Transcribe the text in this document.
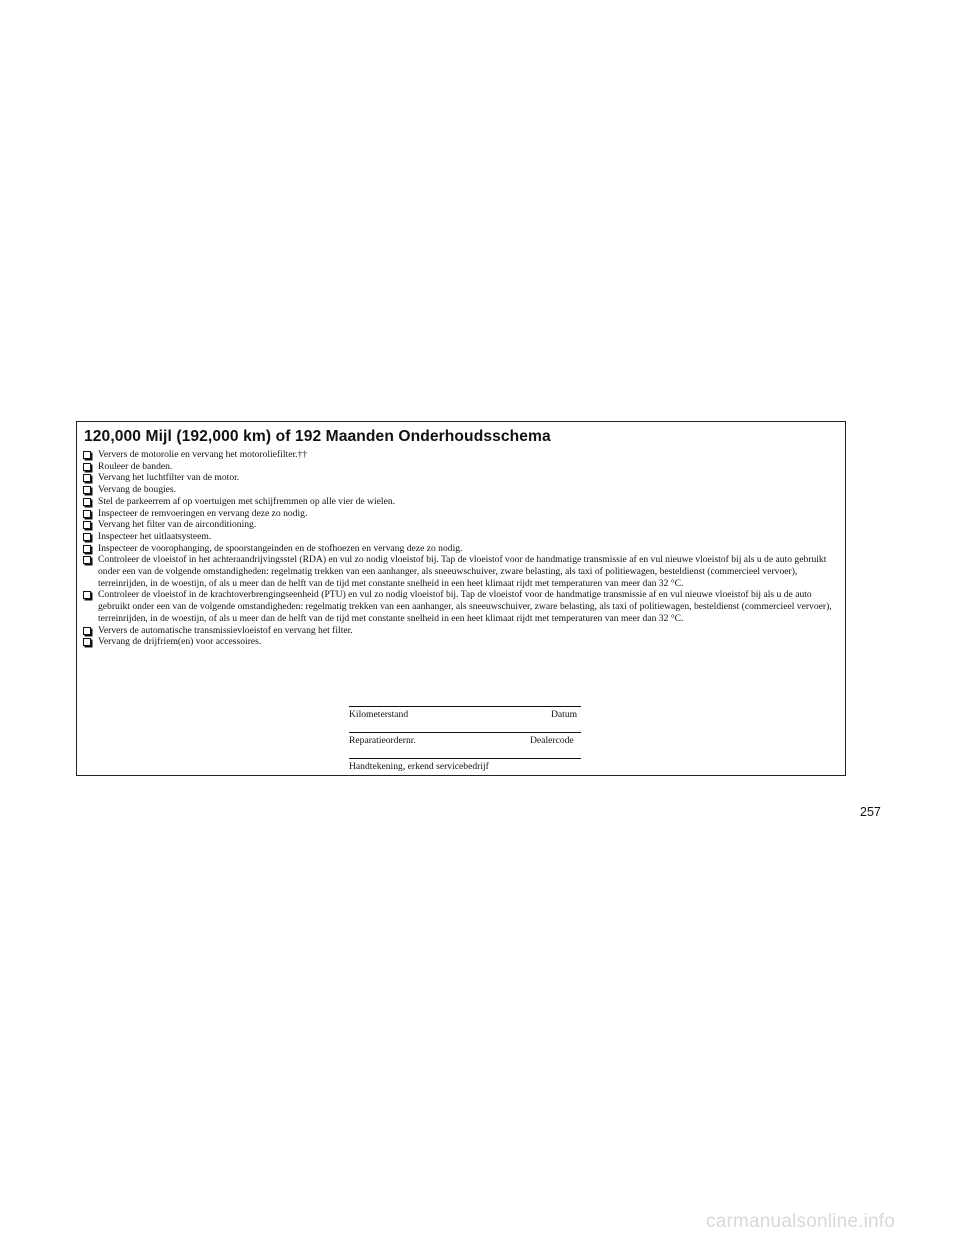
120,000 Mijl (192,000 km) of 192 Maanden Onderhoudsschema
Ververs de motorolie en vervang het motoroliefilter.††
Rouleer de banden.
Vervang het luchtfilter van de motor.
Vervang de bougies.
Stel de parkeerrem af op voertuigen met schijfremmen op alle vier de wielen.
Inspecteer de remvoeringen en vervang deze zo nodig.
Vervang het filter van de airconditioning.
Inspecteer het uitlaatsysteem.
Inspecteer de voorophanging, de spoorstangeinden en de stofhoezen en vervang deze zo nodig.
Controleer de vloeistof in het achteraandrijvingsstel (RDA) en vul zo nodig vloeistof bij. Tap de vloeistof voor de handmatige transmissie af en vul nieuwe vloeistof bij als u de auto gebruikt onder een van de volgende omstandigheden: regelmatig trekken van een aanhanger, als sneeuwschuiver, zware belasting, als taxi of politiewagen, besteldienst (commercieel vervoer), terreinrijden, in de woestijn, of als u meer dan de helft van de tijd met constante snelheid in een heet klimaat rijdt met temperaturen van meer dan 32 °C.
Controleer de vloeistof in de krachtoverbrengingseenheid (PTU) en vul zo nodig vloeistof bij. Tap de vloeistof voor de handmatige transmissie af en vul nieuwe vloeistof bij als u de auto gebruikt onder een van de volgende omstandigheden: regelmatig trekken van een aanhanger, als sneeuwschuiver, zware belasting, als taxi of politiewagen, besteldienst (commercieel vervoer), terreinrijden, in de woestijn, of als u meer dan de helft van de tijd met constante snelheid in een heet klimaat rijdt met temperaturen van meer dan 32 °C.
Ververs de automatische transmissievloeistof en vervang het filter.
Vervang de drijfriem(en) voor accessoires.
Kilometerstand	Datum
Reparatieordernr.	Dealercode
Handtekening, erkend servicebedrijf
257
carmanualsonline.info
